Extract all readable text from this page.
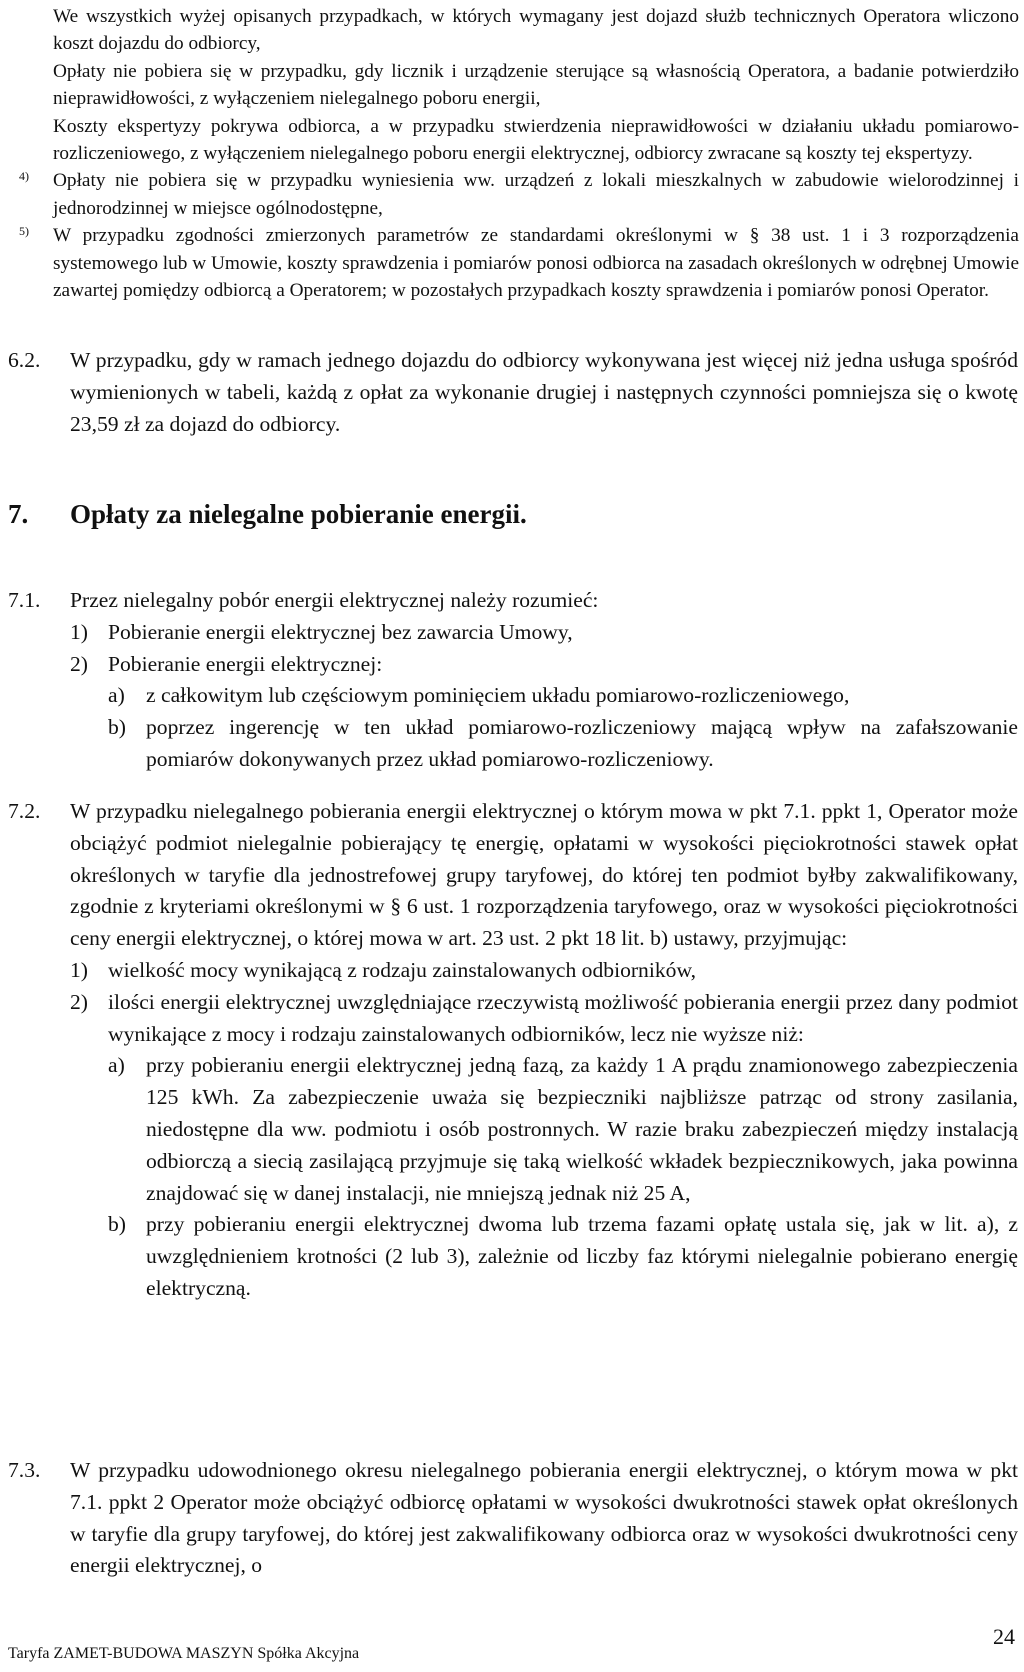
We wszystkich wyżej opisanych przypadkach, w których wymagany jest dojazd służb technicznych Operatora wliczono koszt dojazdu do odbiorcy,

Opłaty nie pobiera się w przypadku, gdy licznik i urządzenie sterujące są własnością Operatora, a badanie potwierdziło nieprawidłowości, z wyłączeniem nielegalnego poboru energii,

Koszty ekspertyzy pokrywa odbiorca, a w przypadku stwierdzenia nieprawidłowości w działaniu układu pomiarowo-rozliczeniowego, z wyłączeniem nielegalnego poboru energii elektrycznej, odbiorcy zwracane są koszty tej ekspertyzy.

4) Opłaty nie pobiera się w przypadku wyniesienia ww. urządzeń z lokali mieszkalnych w zabudowie wielorodzinnej i jednorodzinnej w miejsce ogólnodostępne,

5) W przypadku zgodności zmierzonych parametrów ze standardami określonymi w § 38 ust. 1 i 3 rozporządzenia systemowego lub w Umowie, koszty sprawdzenia i pomiarów ponosi odbiorca na zasadach określonych w odrębnej Umowie zawartej pomiędzy odbiorcą a Operatorem; w pozostałych przypadkach koszty sprawdzenia i pomiarów ponosi Operator.

6.2. W przypadku, gdy w ramach jednego dojazdu do odbiorcy wykonywana jest więcej niż jedna usługa spośród wymienionych w tabeli, każdą z opłat za wykonanie drugiej i następnych czynności pomniejsza się o kwotę 23,59 zł za dojazd do odbiorcy.

7. Opłaty za nielegalne pobieranie energii.
7.1. Przez nielegalny pobór energii elektrycznej należy rozumieć:

1) Pobieranie energii elektrycznej bez zawarcia Umowy,
2) Pobieranie energii elektrycznej:
a) z całkowitym lub częściowym pominięciem układu pomiarowo-rozliczeniowego,
b) poprzez ingerencję w ten układ pomiarowo-rozliczeniowy mającą wpływ na zafałszowanie pomiarów dokonywanych przez układ pomiarowo-rozliczeniowy.
7.2. W przypadku nielegalnego pobierania energii elektrycznej o którym mowa w pkt 7.1. ppkt 1, Operator może obciążyć podmiot nielegalnie pobierający tę energię, opłatami w wysokości pięciokrotności stawek opłat określonych w taryfie dla jednostrefowej grupy taryfowej, do której ten podmiot byłby zakwalifikowany, zgodnie z kryteriami określonymi w § 6 ust. 1 rozporządzenia taryfowego, oraz w wysokości pięciokrotności ceny energii elektrycznej, o której mowa w art. 23 ust. 2 pkt 18 lit. b) ustawy, przyjmując:

1) wielkość mocy wynikającą z rodzaju zainstalowanych odbiorników,
2) ilości energii elektrycznej uwzględniające rzeczywistą możliwość pobierania energii przez dany podmiot wynikające z mocy i rodzaju zainstalowanych odbiorników, lecz nie wyższe niż:
a) przy pobieraniu energii elektrycznej jedną fazą, za każdy 1 A prądu znamionowego zabezpieczenia 125 kWh. Za zabezpieczenie uważa się bezpieczniki najbliższe patrząc od strony zasilania, niedostępne dla ww. podmiotu i osób postronnych. W razie braku zabezpieczeń między instalacją odbiorczą a siecią zasilającą przyjmuje się taką wielkość wkładek bezpiecznikowych, jaka powinna znajdować się w danej instalacji, nie mniejszą jednak niż 25 A,
b) przy pobieraniu energii elektrycznej dwoma lub trzema fazami opłatę ustala się, jak w lit. a), z uwzględnieniem krotności (2 lub 3), zależnie od liczby faz którymi nielegalnie pobierano energię elektryczną.
7.3. W przypadku udowodnionego okresu nielegalnego pobierania energii elektrycznej, o którym mowa w pkt 7.1. ppkt 2 Operator może obciążyć odbiorcę opłatami w wysokości dwukrotności stawek opłat określonych w taryfie dla grupy taryfowej, do której jest zakwalifikowany odbiorca oraz w wysokości dwukrotności ceny energii elektrycznej, o

Taryfa ZAMET-BUDOWA MASZYN Spółka Akcyjna
24
